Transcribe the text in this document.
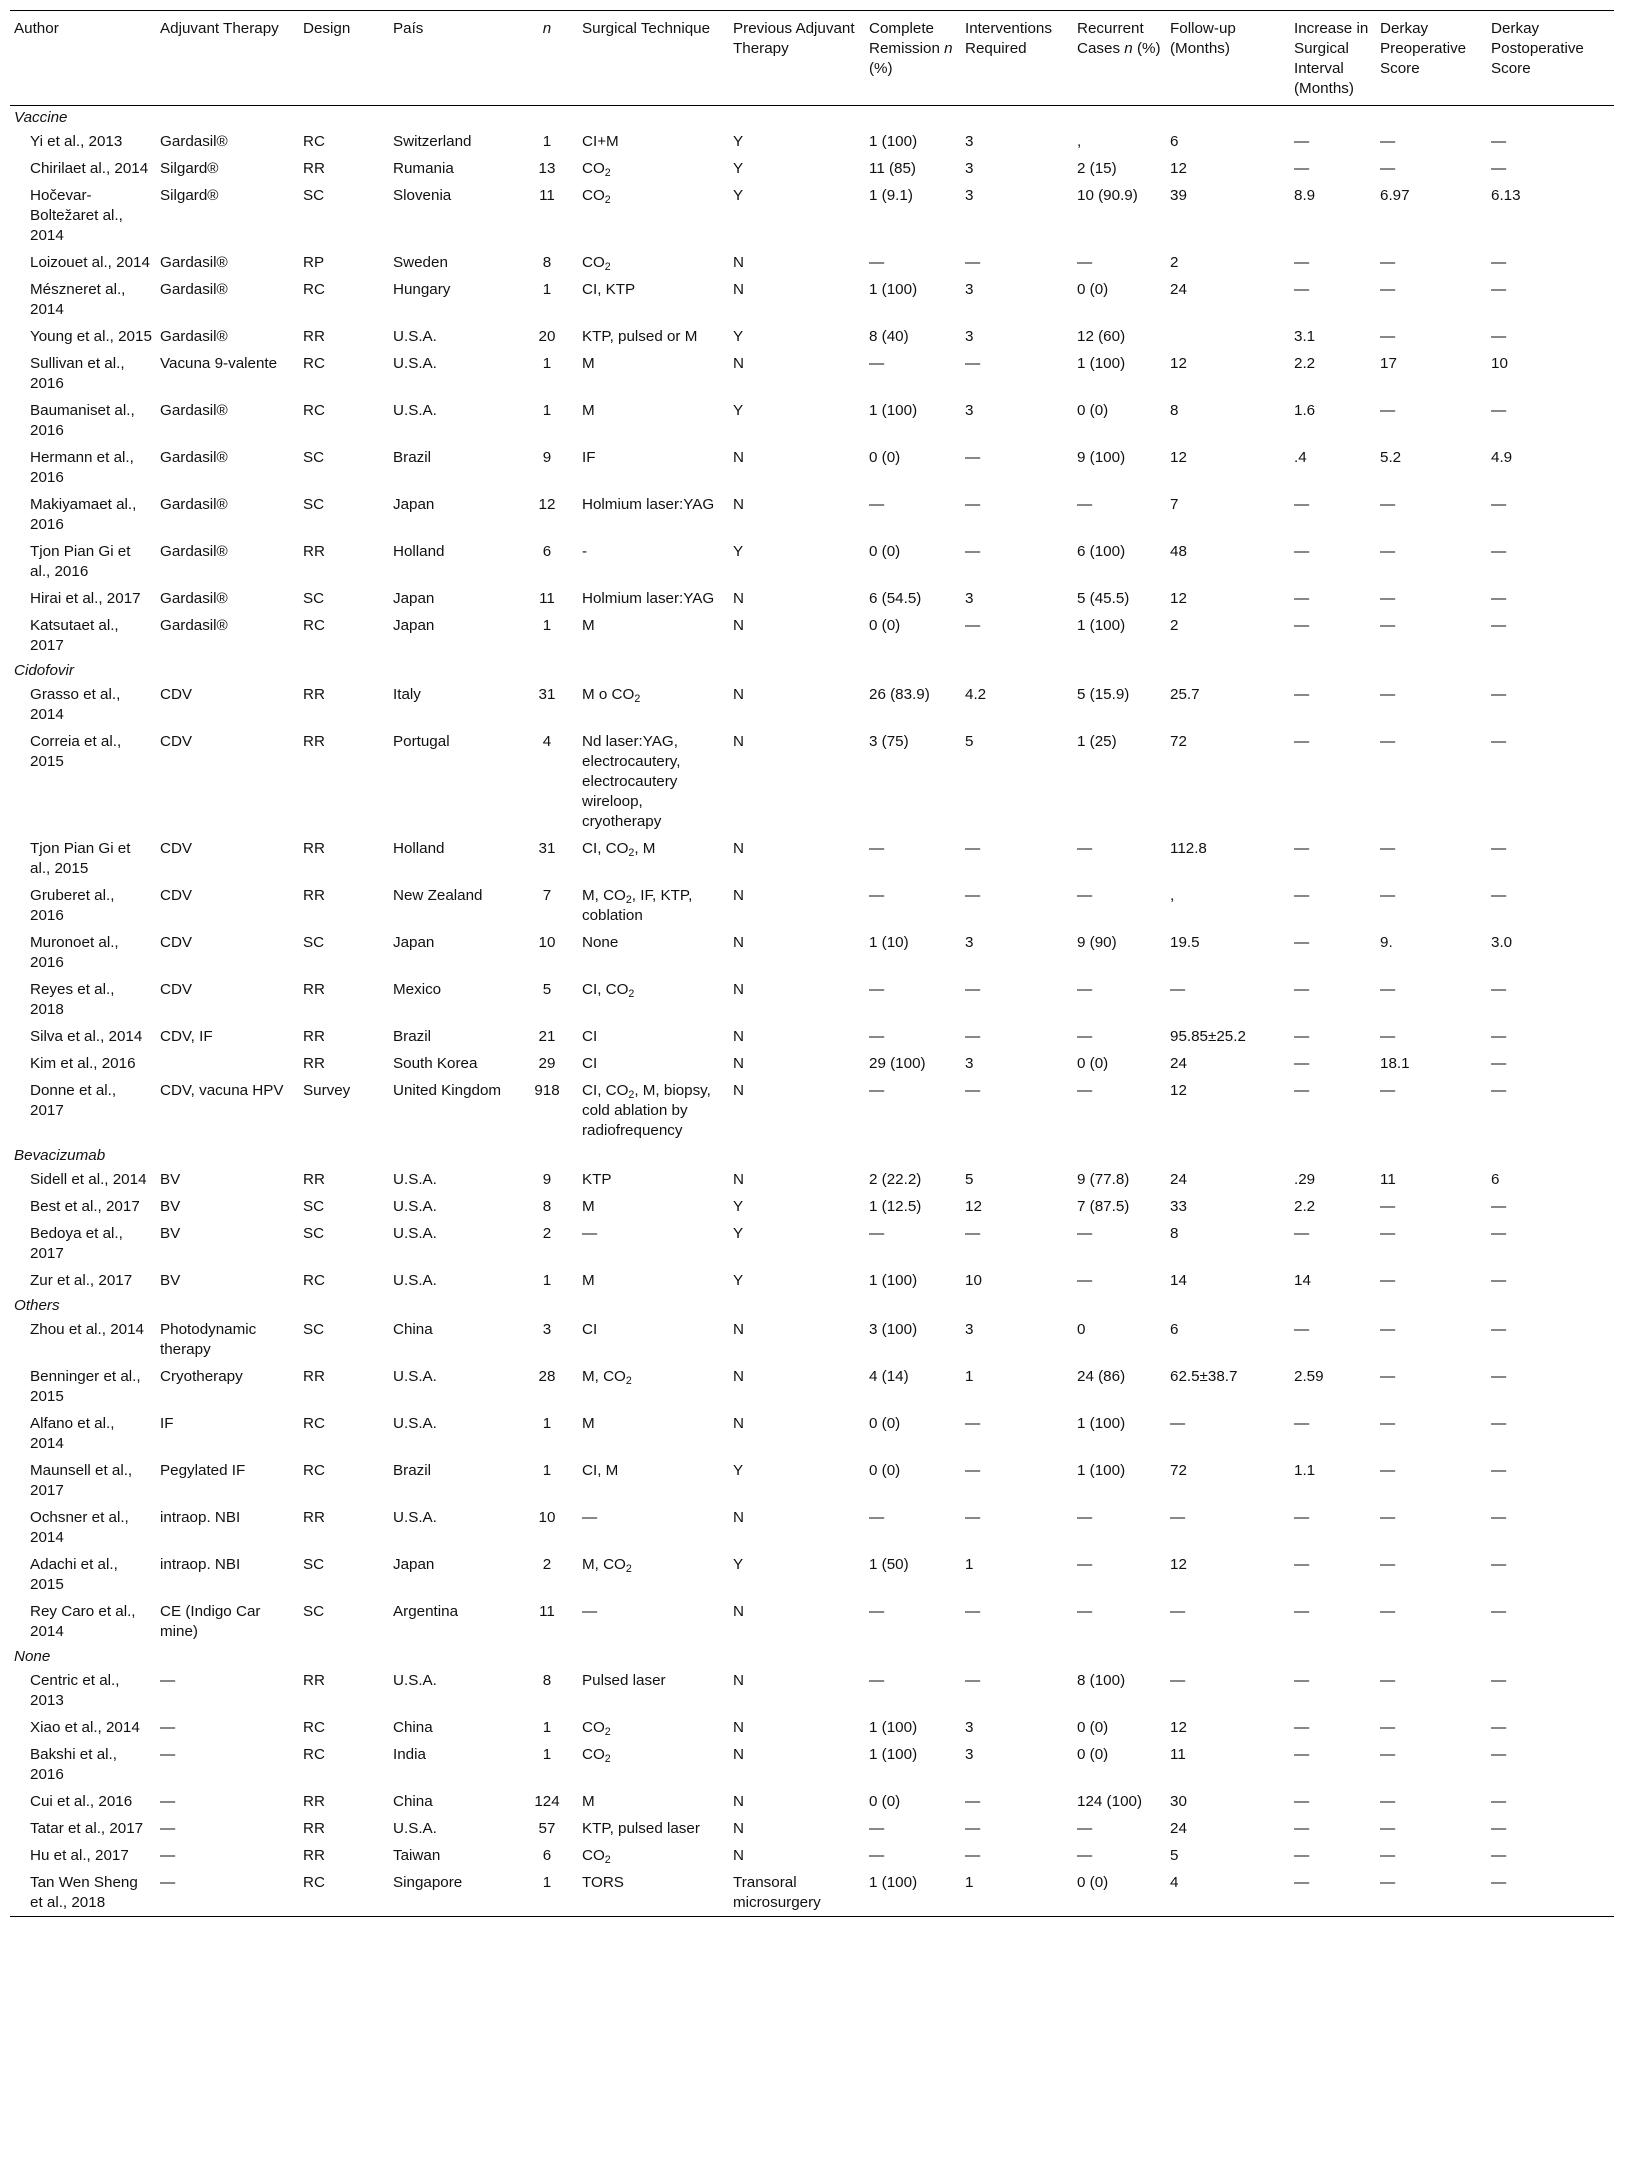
Author	Adjuvant Therapy	Design	País	n	Surgical Technique	Previous Adjuvant Therapy	Complete Remission n (%)	Interventions Required	Recurrent Cases n (%)	Follow-up (Months)	Increase in Surgical Interval (Months)	Derkay Preoperative Score	Derkay Postoperative Score
Vaccine													
Yi et al., 2013	Gardasil®	RC	Switzerland	1	CI+M	Y	1 (100)	3	,	6	—	—	—
Chirilaet al., 2014	Silgard®	RR	Rumania	13	$CO_2$	Y	11 (85)	3	2 (15)	12	—	—	—
Hočevar-Boltežaret al., 2014	Silgard®	SC	Slovenia	11	$CO_2$	Y	1 (9.1)	3	10 (90.9)	39	8.9	6.97	6.13
Loizouet al., 2014	Gardasil®	RP	Sweden	8	$CO_2$	N	—	—	—	2	—	—	—
Mészneret al., 2014	Gardasil®	RC	Hungary	1	CI, KTP	N	1 (100)	3	0 (0)	24	—	—	—
Young et al., 2015	Gardasil®	RR	U.S.A.	20	KTP, pulsed or M	Y	8 (40)	3	12 (60)		3.1	—	—
Sullivan et al., 2016	Vacuna 9-valente	RC	U.S.A.	1	M	N	—	—	1 (100)	12	2.2	17	10
Baumaniset al., 2016	Gardasil®	RC	U.S.A.	1	M	Y	1 (100)	3	0 (0)	8	1.6	—	—
Hermann et al., 2016	Gardasil®	SC	Brazil	9	IF	N	0 (0)	—	9 (100)	12	.4	5.2	4.9
Makiyamaet al., 2016	Gardasil®	SC	Japan	12	Holmium laser:YAG	N	—	—	—	7	—	—	—
Tjon Pian Gi et al., 2016	Gardasil®	RR	Holland	6	-	Y	0 (0)	—	6 (100)	48	—	—	—
Hirai et al., 2017	Gardasil®	SC	Japan	11	Holmium laser:YAG	N	6 (54.5)	3	5 (45.5)	12	—	—	—
Katsutaet al., 2017	Gardasil®	RC	Japan	1	M	N	0 (0)	—	1 (100)	2	—	—	—
Cidofovir													
Grasso et al., 2014	CDV	RR	Italy	31	M o $CO_2$	N	26 (83.9)	4.2	5 (15.9)	25.7	—	—	—
Correia et al., 2015	CDV	RR	Portugal	4	Nd laser:YAG, electrocautery, electrocautery wireloop, cryotherapy	N	3 (75)	5	1 (25)	72	—	—	—
Tjon Pian Gi et al., 2015	CDV	RR	Holland	31	CI, $CO_2$, M	N	—	—	—	112.8	—	—	—
Gruberet al., 2016	CDV	RR	New Zealand	7	M, $CO_2$, IF, KTP, coblation	N	—	—	—	,	—	—	—
Muronoet al., 2016	CDV	SC	Japan	10	None	N	1 (10)	3	9 (90)	19.5	—	9.	3.0
Reyes et al., 2018	CDV	RR	Mexico	5	CI, $CO_2$	N	—	—	—	—	—	—	—
Silva et al., 2014	CDV, IF	RR	Brazil	21	CI	N	—	—	—	95.85±25.2	—	—	—
Kim et al., 2016		RR	South Korea	29	CI	N	29 (100)	3	0 (0)	24	—	18.1	—
Donne et al., 2017	CDV, vacuna HPV	Survey	United Kingdom	918	CI, $CO_2$, M, biopsy, cold ablation by radiofrequency	N	—	—	—	12	—	—	—
Bevacizumab													
Sidell et al., 2014	BV	RR	U.S.A.	9	KTP	N	2 (22.2)	5	9 (77.8)	24	.29	11	6
Best et al., 2017	BV	SC	U.S.A.	8	M	Y	1 (12.5)	12	7 (87.5)	33	2.2	—	—
Bedoya et al., 2017	BV	SC	U.S.A.	2	—	Y	—	—	—	8	—	—	—
Zur et al., 2017	BV	RC	U.S.A.	1	M	Y	1 (100)	10	—	14	14	—	—
Others													
Zhou et al., 2014	Photodynamic therapy	SC	China	3	CI	N	3 (100)	3	0	6	—	—	—
Benninger et al., 2015	Cryotherapy	RR	U.S.A.	28	M, $CO_2$	N	4 (14)	1	24 (86)	62.5±38.7	2.59	—	—
Alfano et al., 2014	IF	RC	U.S.A.	1	M	N	0 (0)	—	1 (100)	—	—	—	—
Maunsell et al., 2017	Pegylated IF	RC	Brazil	1	CI, M	Y	0 (0)	—	1 (100)	72	1.1	—	—
Ochsner et al., 2014	intraop. NBI	RR	U.S.A.	10	—	N	—	—	—	—	—	—	—
Adachi et al., 2015	intraop. NBI	SC	Japan	2	M, $CO_2$	Y	1 (50)	1	—	12	—	—	—
Rey Caro et al., 2014	CE (Indigo Car mine)	SC	Argentina	11	—	N	—	—	—	—	—	—	—
None													
Centric et al., 2013	—	RR	U.S.A.	8	Pulsed laser	N	—	—	8 (100)	—	—	—	—
Xiao et al., 2014	—	RC	China	1	$CO_2$	N	1 (100)	3	0 (0)	12	—	—	—
Bakshi et al., 2016	—	RC	India	1	$CO_2$	N	1 (100)	3	0 (0)	11	—	—	—
Cui et al., 2016	—	RR	China	124	M	N	0 (0)	—	124 (100)	30	—	—	—
Tatar et al., 2017	—	RR	U.S.A.	57	KTP, pulsed laser	N	—	—	—	24	—	—	—
Hu et al., 2017	—	RR	Taiwan	6	$CO_2$	N	—	—	—	5	—	—	—
Tan Wen Sheng et al., 2018	—	RC	Singapore	1	TORS	Transoral microsurgery	1 (100)	1	0 (0)	4	—	—	—
